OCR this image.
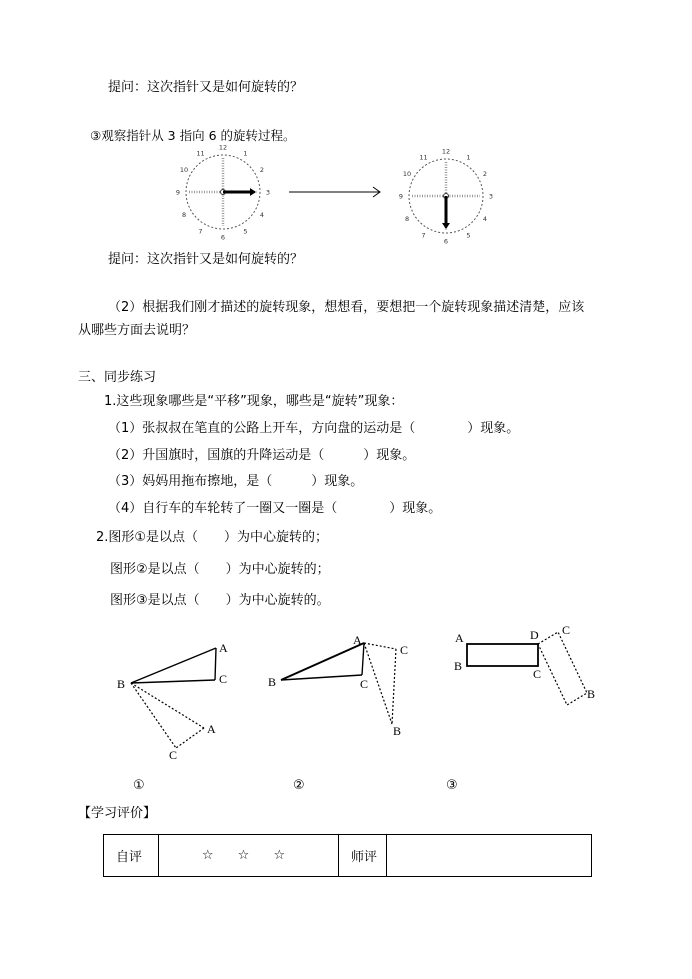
提问：这次指针又是如何旋转的？
③观察指针从 3 指向 6 的旋转过程。
12
1
2
3
4
5
6
7
8
9
10
11	12
1
2
3
4
5
6
7
8
9
10
11
提问：这次指针又是如何旋转的？
（2）根据我们刚才描述的旋转现象，想想看，要想把一个旋转现象描述清楚，应该
从哪些方面去说明？
三、同步练习
1.这些现象哪些是“平移”现象，哪些是“旋转”现象：
（1）张叔叔在笔直的公路上开车，方向盘的运动是（　　　　）现象。
（2）升国旗时，国旗的升降运动是（　　　）现象。
（3）妈妈用拖布擦地，是（　　　）现象。
（4）自行车的车轮转了一圈又一圈是（　　　　）现象。
2.图形①是以点（　　）为中心旋转的；
图形②是以点（　　）为中心旋转的；
图形③是以点（　　）为中心旋转的。
B
A
C
A
C
B
A
C
C
B
A
B
D
C
C
B
①	②	③
【学习评价】
自评	☆ ☆ ☆	师评	
